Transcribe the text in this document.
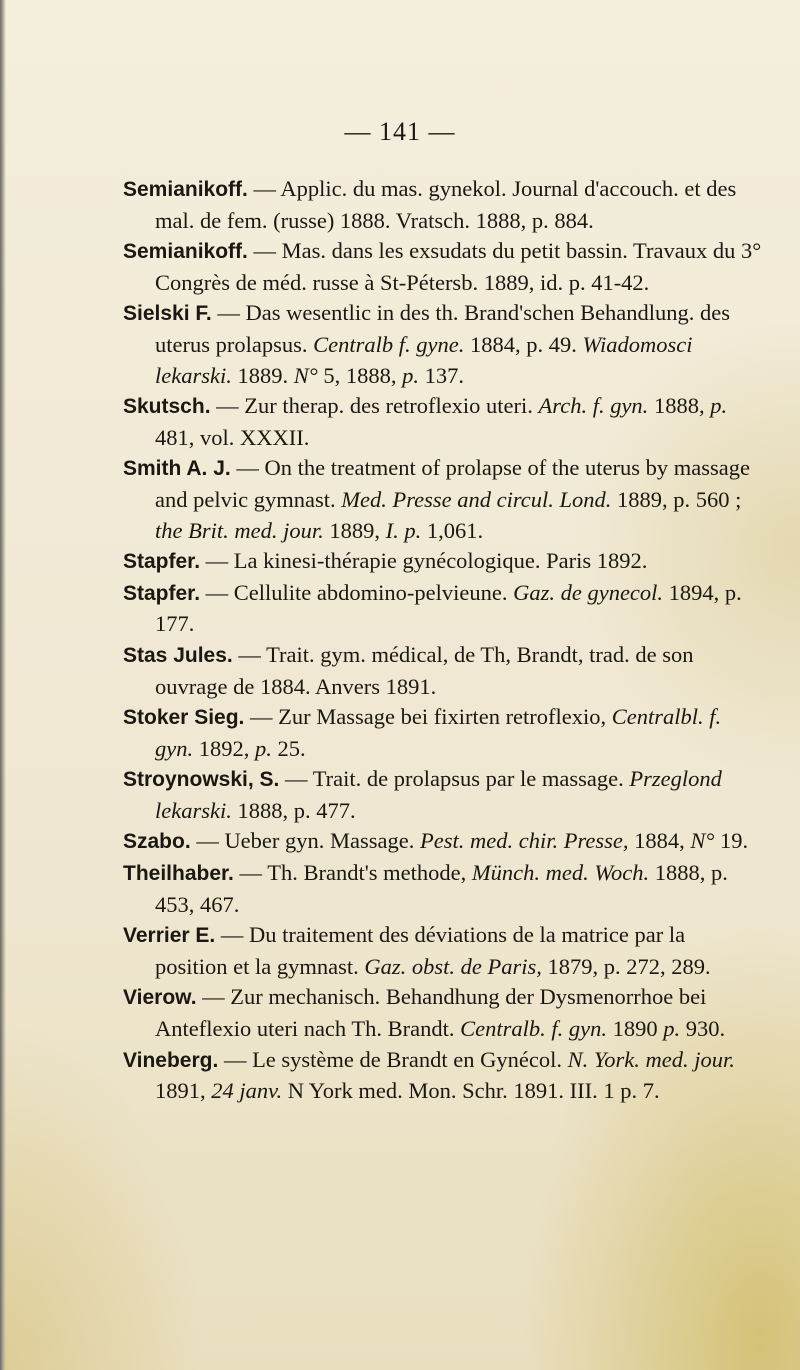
— 141 —

Semianikoff. — Applic. du mas. gynekol. Journal d'accouch. et des mal. de fem. (russe) 1888. Vratsch. 1888, p. 884.

Semianikoff. — Mas. dans les exsudats du petit bassin. Travaux du 3° Congrès de méd. russe à St-Pétersb. 1889, id. p. 41-42.

Sielski F. — Das wesentlic in des th. Brand'schen Behandlung. des uterus prolapsus. Centralb f. gyne. 1884, p. 49. Wiadomosci lekarski. 1889. N° 5, 1888, p. 137.

Skutsch. — Zur therap. des retroflexio uteri. Arch. f. gyn. 1888, p. 481, vol. XXXII.

Smith A. J. — On the treatment of prolapse of the uterus by massage and pelvic gymnast. Med. Presse and circul. Lond. 1889, p. 560 ; the Brit. med. jour. 1889, I. p. 1,061.

Stapfer. — La kinesi-thérapie gynécologique. Paris 1892.

Stapfer. — Cellulite abdomino-pelvieune. Gaz. de gynecol. 1894, p. 177.

Stas Jules. — Trait. gym. médical, de Th, Brandt, trad. de son ouvrage de 1884. Anvers 1891.

Stoker Sieg. — Zur Massage bei fixirten retroflexio, Centralbl. f. gyn. 1892, p. 25.

Stroynowski, S. — Trait. de prolapsus par le massage. Przeglond lekarski. 1888, p. 477.

Szabo. — Ueber gyn. Massage. Pest. med. chir. Presse, 1884, N° 19.

Theilhaber. — Th. Brandt's methode, Münch. med. Woch. 1888, p. 453, 467.

Verrier E. — Du traitement des déviations de la matrice par la position et la gymnast. Gaz. obst. de Paris, 1879, p. 272, 289.

Vierow. — Zur mechanisch. Behandhung der Dysmenorrhoe bei Anteflexio uteri nach Th. Brandt. Centralb. f. gyn. 1890 p. 930.

Vineberg. — Le système de Brandt en Gynécol. N. York. med. jour. 1891, 24 janv. N York med. Mon. Schr. 1891. III. 1 p. 7.
